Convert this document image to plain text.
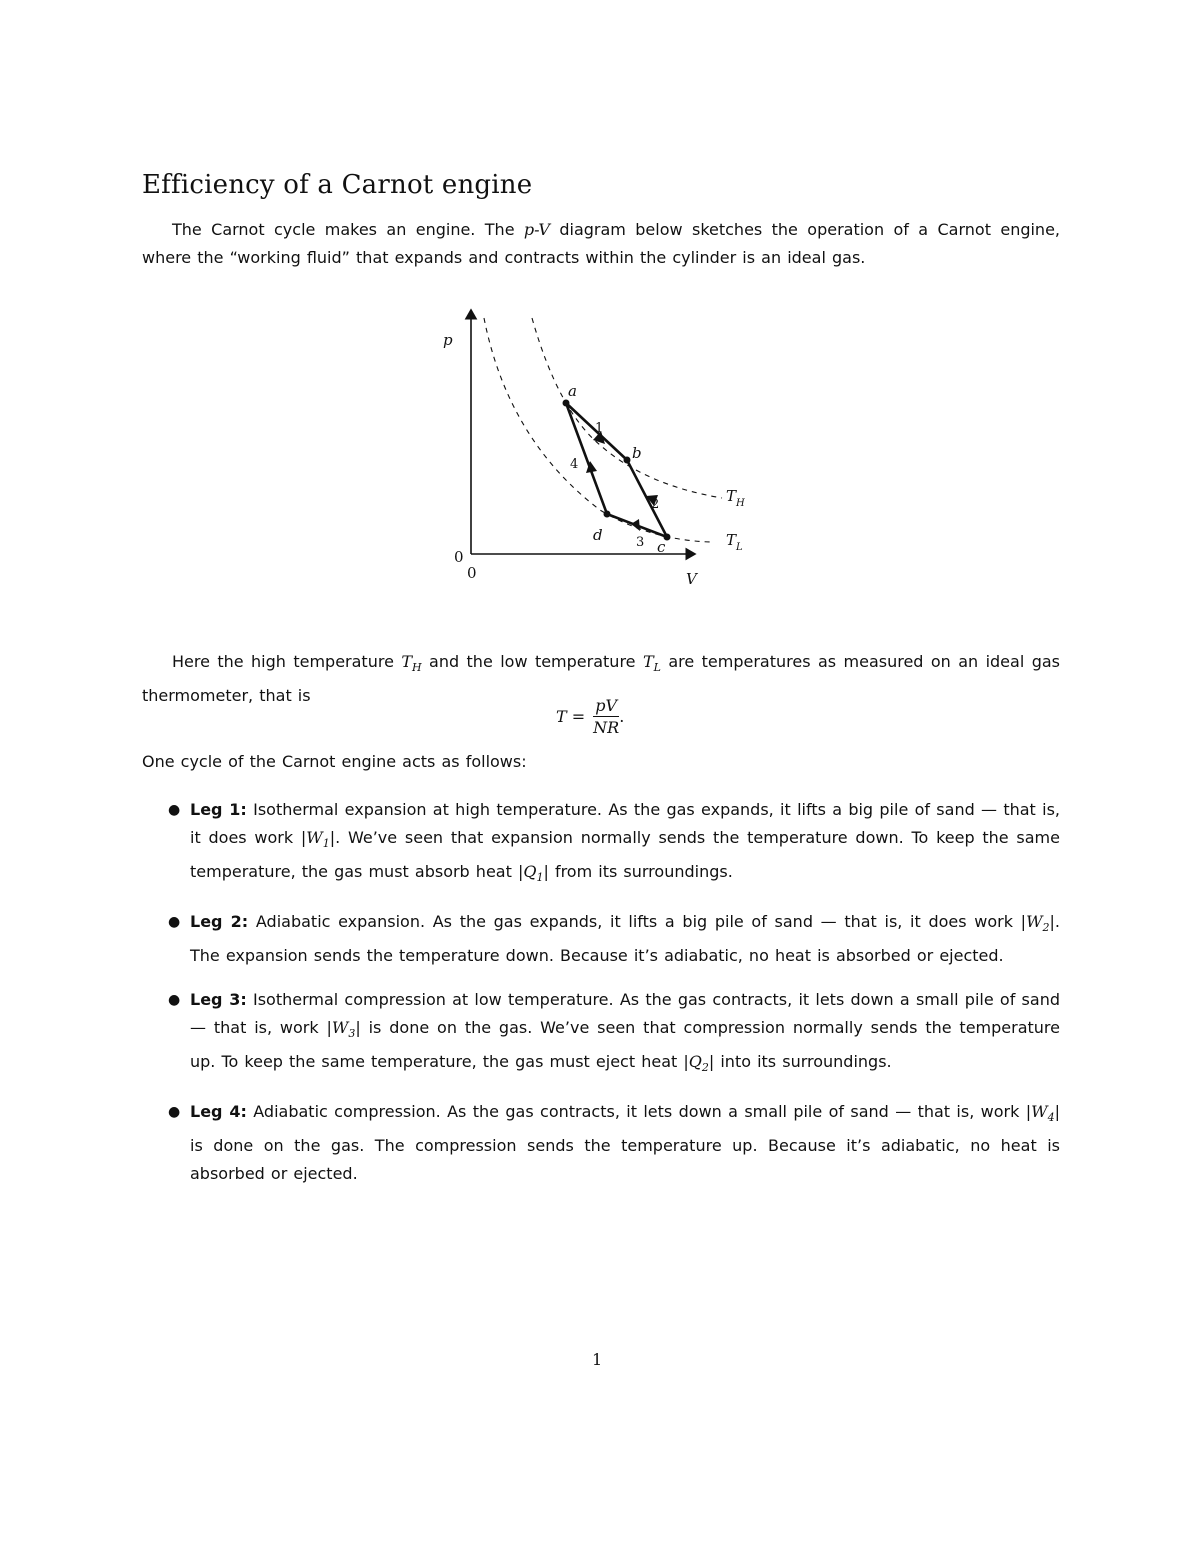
Efficiency of a Carnot engine

The Carnot cycle makes an engine. The p-V diagram below sketches the operation of a Carnot engine, where the “working fluid” that expands and contracts within the cylinder is an ideal gas.

p
V
0
0
a
b
c
d
1
2
3
4
$T_H$
$T_L$

Here the high temperature $T_H$ and the low temperature $T_L$ are temperatures as measured on an ideal gas thermometer, that is

$T = \frac{pV}{NR}$ .

One cycle of the Carnot engine acts as follows:

● Leg 1: Isothermal expansion at high temperature. As the gas expands, it lifts a big pile of sand — that is, it does work $|W_1|$. We’ve seen that expansion normally sends the temperature down. To keep the same temperature, the gas must absorb heat $|Q_1|$ from its surroundings.
● Leg 2: Adiabatic expansion. As the gas expands, it lifts a big pile of sand — that is, it does work $|W_2|$. The expansion sends the temperature down. Because it’s adiabatic, no heat is absorbed or ejected.
● Leg 3: Isothermal compression at low temperature. As the gas contracts, it lets down a small pile of sand — that is, work $|W_3|$ is done on the gas. We’ve seen that compression normally sends the temperature up. To keep the same temperature, the gas must eject heat $|Q_2|$ into its surroundings.
● Leg 4: Adiabatic compression. As the gas contracts, it lets down a small pile of sand — that is, work $|W_4|$ is done on the gas. The compression sends the temperature up. Because it’s adiabatic, no heat is absorbed or ejected.
1
